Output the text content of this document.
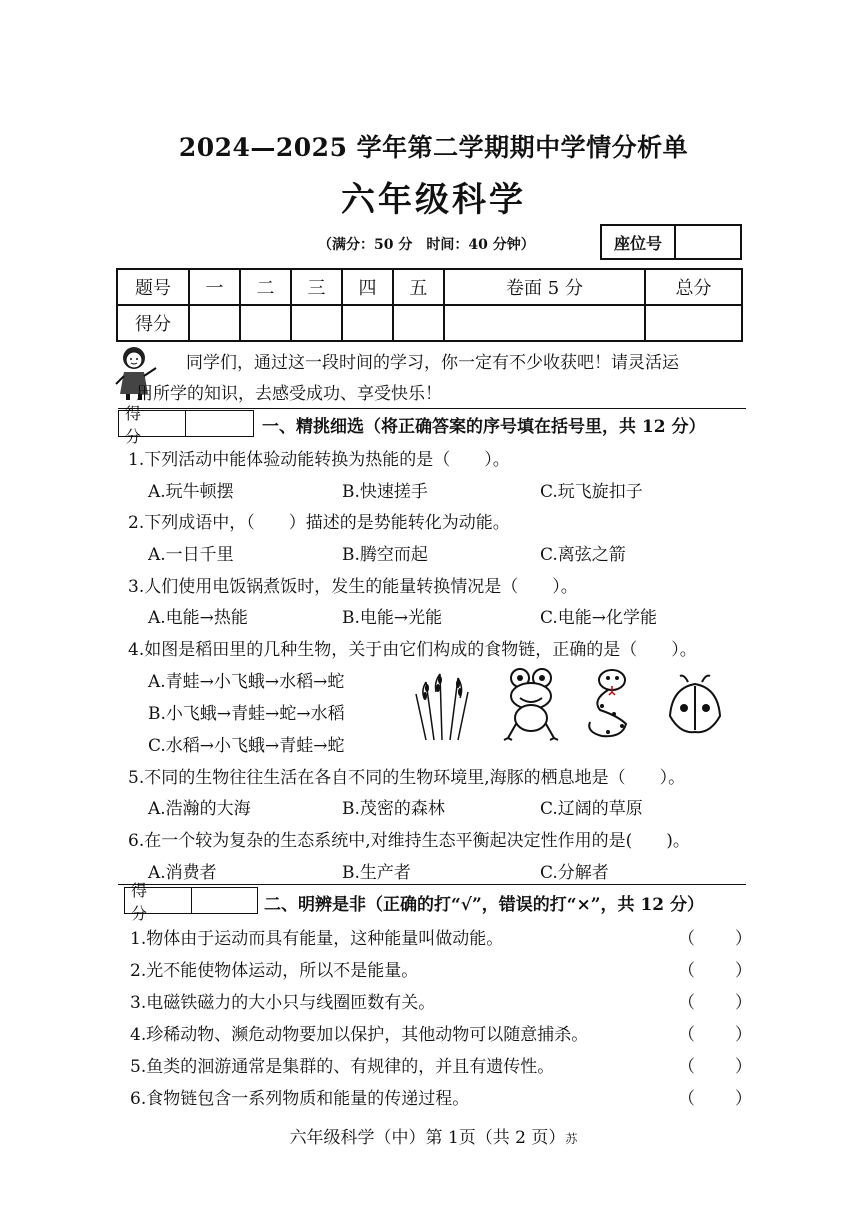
2024—2025 学年第二学期期中学情分析单
六年级科学
（满分：50 分　时间：40 分钟）	座位号
题号	一	二	三	四	五	卷面 5 分	总分
得分							
同学们，通过这一段时间的学习，你一定有不少收获吧！请灵活运
用所学的知识，去感受成功、享受快乐！
得 分	一、精挑细选（将正确答案的序号填在括号里，共 12 分）
1.下列活动中能体验动能转换为热能的是（　　）。
A.玩牛顿摆	B.快速搓手	C.玩飞旋扣子
2.下列成语中，（　　）描述的是势能转化为动能。
A.一日千里	B.腾空而起	C.离弦之箭
3.人们使用电饭锅煮饭时，发生的能量转换情况是（　　）。
A.电能→热能	B.电能→光能	C.电能→化学能
4.如图是稻田里的几种生物，关于由它们构成的食物链，正确的是（　　）。
A.青蛙→小飞蛾→水稻→蛇
B.小飞蛾→青蛙→蛇→水稻
C.水稻→小飞蛾→青蛙→蛇
5.不同的生物往往生活在各自不同的生物环境里,海豚的栖息地是（　　）。
A.浩瀚的大海	B.茂密的森林	C.辽阔的草原
6.在一个较为复杂的生态系统中,对维持生态平衡起决定性作用的是(　　)。
A.消费者	B.生产者	C.分解者
得 分	二、明辨是非（正确的打“√”，错误的打“×”，共 12 分）
1.物体由于运动而具有能量，这种能量叫做动能。	（　　）
2.光不能使物体运动，所以不是能量。	（　　）
3.电磁铁磁力的大小只与线圈匝数有关。	（　　）
4.珍稀动物、濒危动物要加以保护，其他动物可以随意捕杀。	（　　）
5.鱼类的洄游通常是集群的、有规律的，并且有遗传性。	（　　）
6.食物链包含一系列物质和能量的传递过程。	（　　）
六年级科学（中）第 1页（共 2 页）苏
